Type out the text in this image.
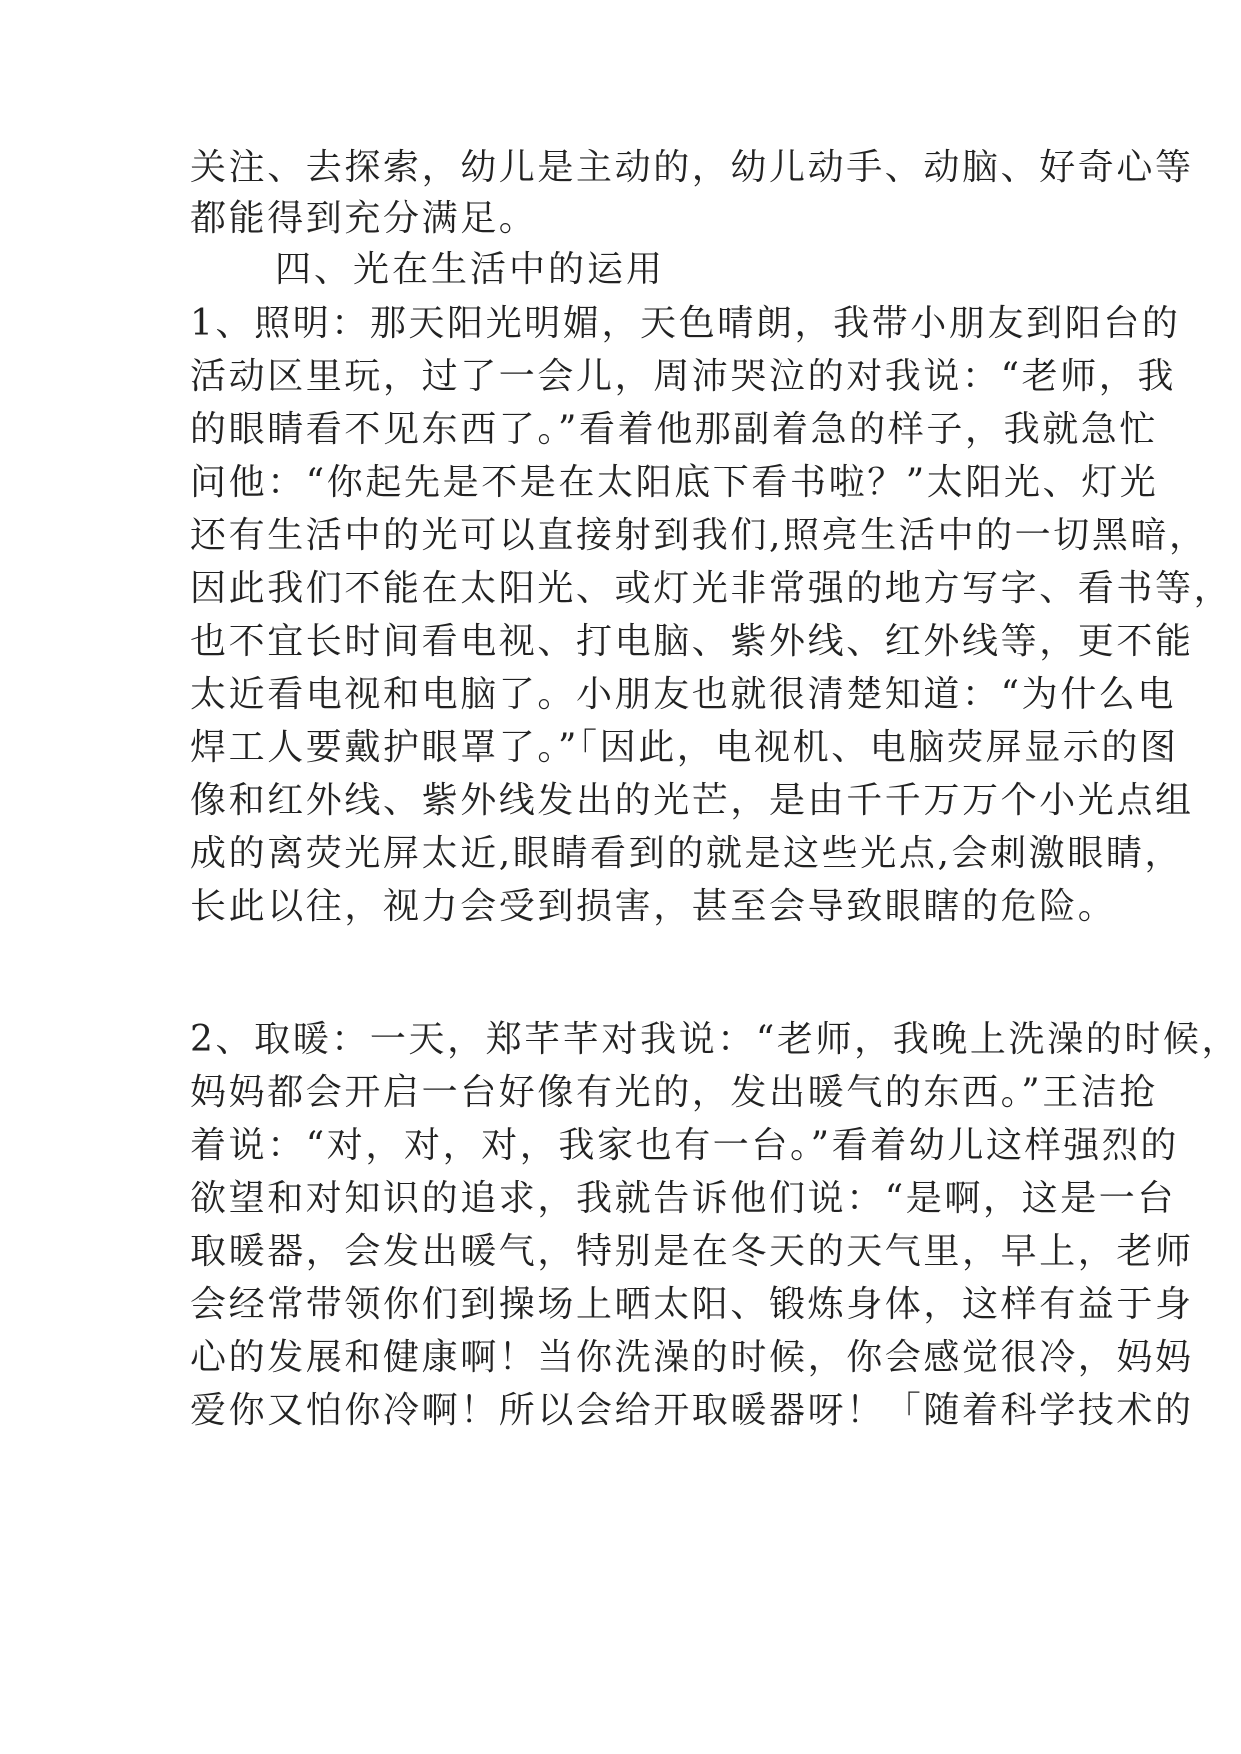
关注、去探索，幼儿是主动的，幼儿动手、动脑、好奇心等
都能得到充分满足。
四、光在生活中的运用
1、照明：那天阳光明媚，天色晴朗，我带小朋友到阳台的
活动区里玩，过了一会儿，周沛哭泣的对我说：“老师，我
的眼睛看不见东西了。”看着他那副着急的样子，我就急忙
问他：“你起先是不是在太阳底下看书啦？”太阳光、灯光
还有生活中的光可以直接射到我们,照亮生活中的一切黑暗，
因此我们不能在太阳光、或灯光非常强的地方写字、看书等，
也不宜长时间看电视、打电脑、紫外线、红外线等，更不能
太近看电视和电脑了。小朋友也就很清楚知道：“为什么电
焊工人要戴护眼罩了。”「因此，电视机、电脑荧屏显示的图
像和红外线、紫外线发出的光芒，是由千千万万个小光点组
成的离荧光屏太近,眼睛看到的就是这些光点,会刺激眼睛，
长此以往，视力会受到损害，甚至会导致眼瞎的危险。
2、取暖：一天，郑芊芊对我说：“老师，我晚上洗澡的时候，
妈妈都会开启一台好像有光的，发出暖气的东西。”王洁抢
着说：“对，对，对，我家也有一台。”看着幼儿这样强烈的
欲望和对知识的追求，我就告诉他们说：“是啊，这是一台
取暖器，会发出暖气，特别是在冬天的天气里，早上，老师
会经常带领你们到操场上晒太阳、锻炼身体，这样有益于身
心的发展和健康啊！当你洗澡的时候，你会感觉很冷，妈妈
爱你又怕你冷啊！所以会给开取暖器呀！「随着科学技术的
